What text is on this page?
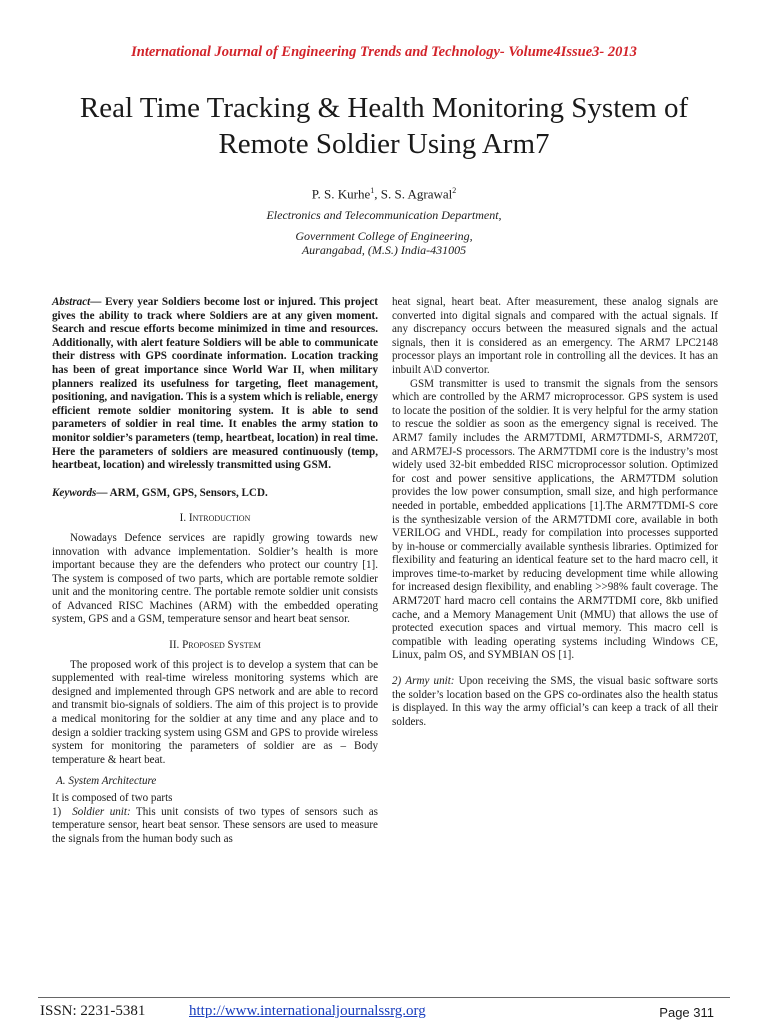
International Journal of Engineering Trends and Technology- Volume4Issue3- 2013
Real Time Tracking & Health Monitoring System of
Remote Soldier Using Arm7
P. S. Kurhe$^1$, S. S. Agrawal$^2$
Electronics and Telecommunication Department,
Government College of Engineering,
Aurangabad, (M.S.) India-431005

Abstract— Every year Soldiers become lost or injured. This project gives the ability to track where Soldiers are at any given moment. Search and rescue efforts become minimized in time and resources. Additionally, with alert feature Soldiers will be able to communicate their distress with GPS coordinate information. Location tracking has been of great importance since World War II, when military planners realized its usefulness for targeting, fleet management, positioning, and navigation. This is a system which is reliable, energy efficient remote soldier monitoring system. It is able to send parameters of soldier in real time. It enables the army station to monitor soldier’s parameters (temp, heartbeat, location) in real time. Here the parameters of soldiers are measured continuously (temp, heartbeat, location) and wirelessly transmitted using GSM.

Keywords— ARM, GSM, GPS, Sensors, LCD.

I. Introduction

Nowadays Defence services are rapidly growing towards new innovation with advance implementation. Soldier’s health is more important because they are the defenders who protect our country [1]. The system is composed of two parts, which are portable remote soldier unit and the monitoring centre. The portable remote soldier unit consists of Advanced RISC Machines (ARM) with the embedded operating system, GPS and a GSM, temperature sensor and heart beat sensor.

II. Proposed System

The proposed work of this project is to develop a system that can be supplemented with real-time wireless monitoring systems which are designed and implemented through GPS network and are able to record and transmit bio-signals of soldiers. The aim of this project is to provide a medical monitoring for the soldier at any time and any place and to design a soldier tracking system using GSM and GPS to provide wireless system for monitoring the parameters of soldier are as – Body temperature & heart beat.

A. System Architecture

It is composed of two parts

1) Soldier unit: This unit consists of two types of sensors such as temperature sensor, heart beat sensor. These sensors are used to measure the signals from the human body such as

heat signal, heart beat. After measurement, these analog signals are converted into digital signals and compared with the actual signals. If any discrepancy occurs between the measured signals and the actual signals, then it is considered as an emergency. The ARM7 LPC2148 processor plays an important role in controlling all the devices. It has an inbuilt A\D convertor.

GSM transmitter is used to transmit the signals from the sensors which are controlled by the ARM7 microprocessor. GPS system is used to locate the position of the soldier. It is very helpful for the army station to rescue the soldier as soon as the emergency signal is received. The ARM7 family includes the ARM7TDMI, ARM7TDMI-S, ARM720T, and ARM7EJ-S processors. The ARM7TDMI core is the industry’s most widely used 32-bit embedded RISC microprocessor solution. Optimized for cost and power sensitive applications, the ARM7TDM solution provides the low power consumption, small size, and high performance needed in portable, embedded applications [1].The ARM7TDMI-S core is the synthesizable version of the ARM7TDMI core, available in both VERILOG and VHDL, ready for compilation into processes supported by in-house or commercially available synthesis libraries. Optimized for flexibility and featuring an identical feature set to the hard macro cell, it improves time-to-market by reducing development time while allowing for increased design flexibility, and enabling >>98% fault coverage. The ARM720T hard macro cell contains the ARM7TDMI core, 8kb unified cache, and a Memory Management Unit (MMU) that allows the use of protected execution spaces and virtual memory. This macro cell is compatible with leading operating systems including Windows CE, Linux, palm OS, and SYMBIAN OS [1].

2) Army unit: Upon receiving the SMS, the visual basic software sorts the solder’s location based on the GPS co-ordinates also the health status is displayed. In this way the army official’s can keep a track of all their solders.

ISSN: 2231-5381	http://www.internationaljournalssrg.org	Page 311
